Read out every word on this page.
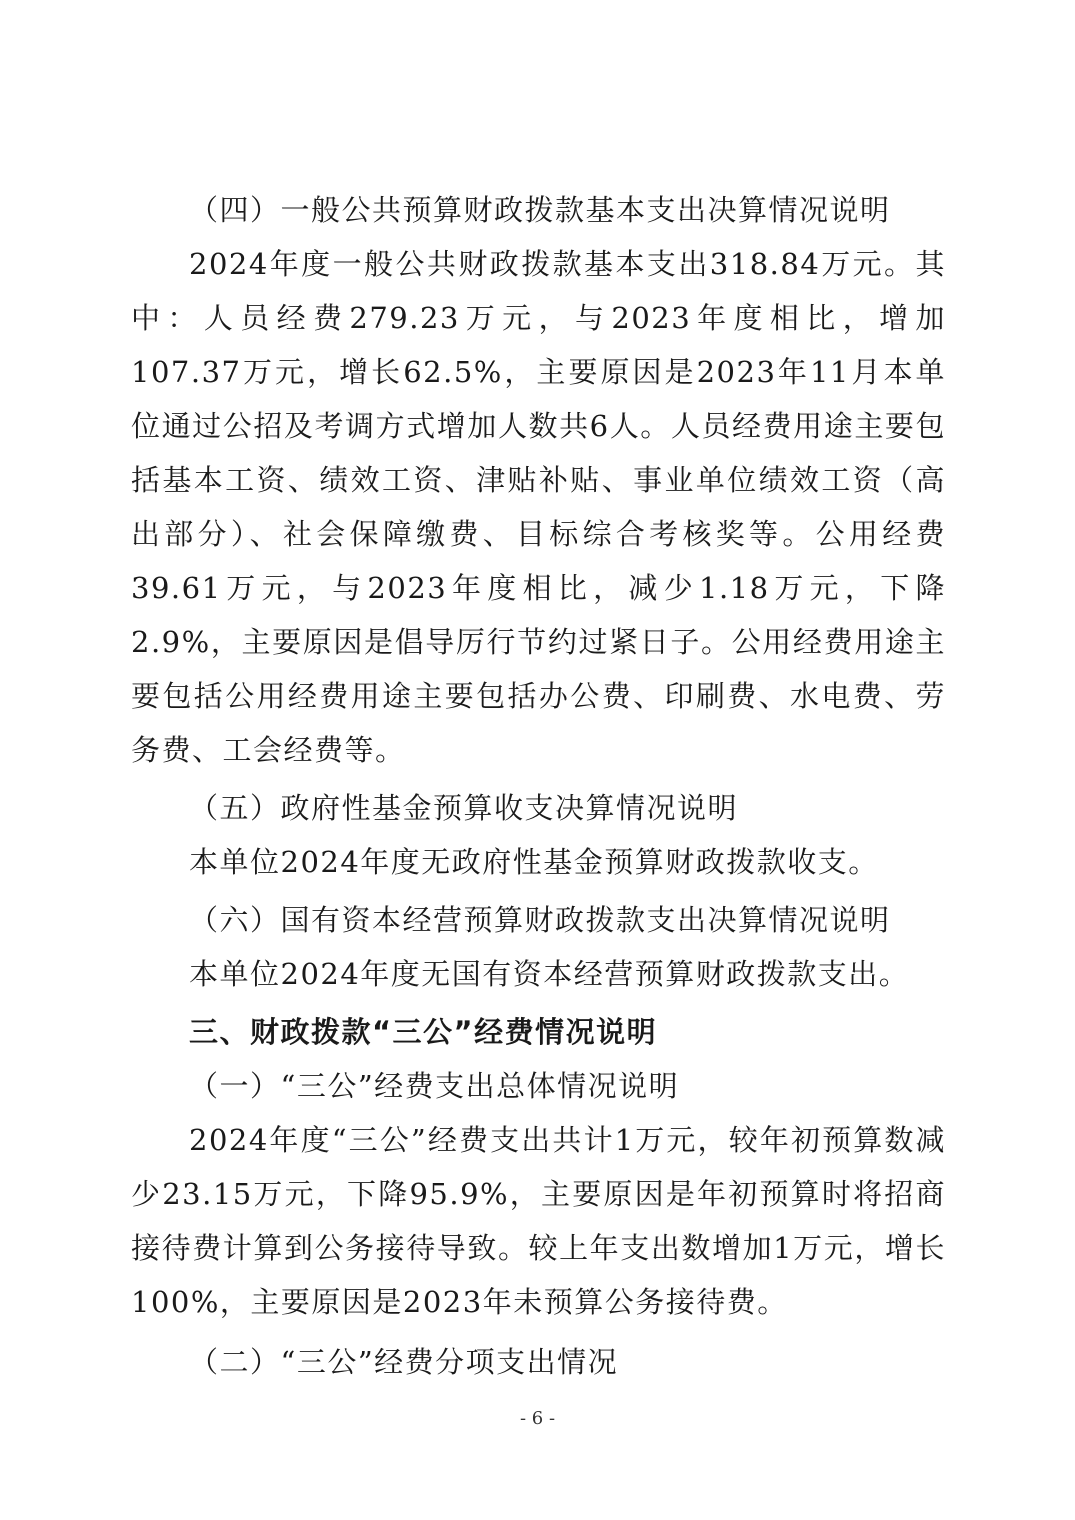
（四）一般公共预算财政拨款基本支出决算情况说明

2024年度一般公共财政拨款基本支出318.84万元。其中：人员经费279.23万元，与2023年度相比，增加107.37万元，增长62.5%，主要原因是2023年11月本单位通过公招及考调方式增加人数共6人。人员经费用途主要包括基本工资、绩效工资、津贴补贴、事业单位绩效工资（高出部分）、社会保障缴费、目标综合考核奖等。公用经费39.61万元，与2023年度相比，减少1.18万元，下降2.9%，主要原因是倡导厉行节约过紧日子。公用经费用途主要包括公用经费用途主要包括办公费、印刷费、水电费、劳务费、工会经费等。

（五）政府性基金预算收支决算情况说明

本单位2024年度无政府性基金预算财政拨款收支。

（六）国有资本经营预算财政拨款支出决算情况说明

本单位2024年度无国有资本经营预算财政拨款支出。

三、财政拨款“三公”经费情况说明

（一）“三公”经费支出总体情况说明

2024年度“三公”经费支出共计1万元，较年初预算数减少23.15万元，下降95.9%，主要原因是年初预算时将招商接待费计算到公务接待导致。较上年支出数增加1万元，增长100%，主要原因是2023年未预算公务接待费。

（二）“三公”经费分项支出情况

- 6 -
